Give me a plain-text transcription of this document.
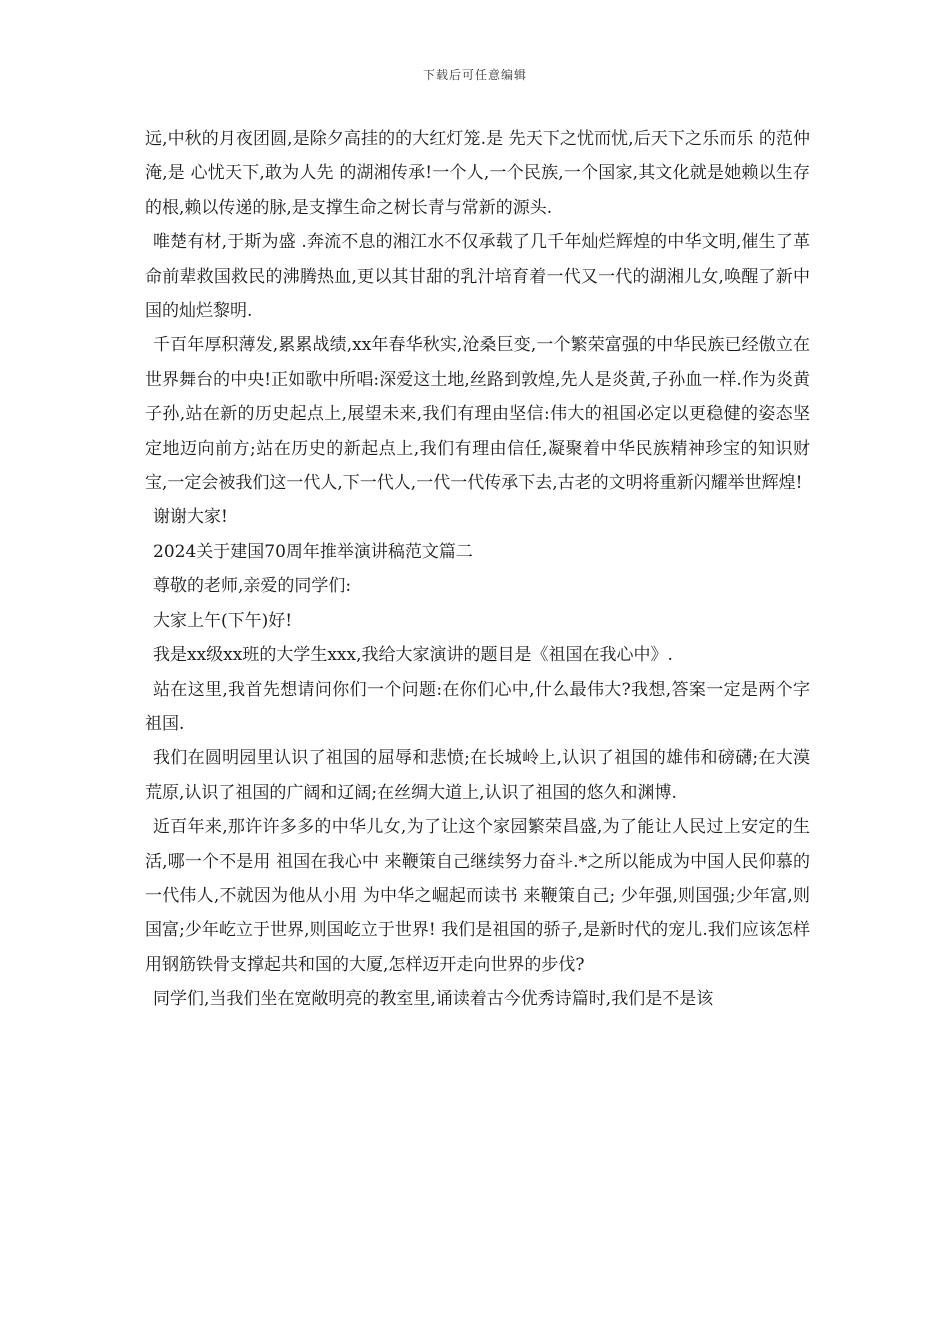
下载后可任意编辑

远,中秋的月夜团圆,是除夕高挂的的大红灯笼.是 先天下之忧而忧,后天下之乐而乐 的范仲淹,是 心忧天下,敢为人先 的湖湘传承!一个人,一个民族,一个国家,其文化就是她赖以生存的根,赖以传递的脉,是支撑生命之树长青与常新的源头.

唯楚有材,于斯为盛 .奔流不息的湘江水不仅承载了几千年灿烂辉煌的中华文明,催生了革命前辈救国救民的沸腾热血,更以其甘甜的乳汁培育着一代又一代的湖湘儿女,唤醒了新中国的灿烂黎明.

千百年厚积薄发,累累战绩,xx年春华秋实,沧桑巨变,一个繁荣富强的中华民族已经傲立在世界舞台的中央!正如歌中所唱:深爱这土地,丝路到敦煌,先人是炎黄,子孙血一样.作为炎黄子孙,站在新的历史起点上,展望未来,我们有理由坚信:伟大的祖国必定以更稳健的姿态坚定地迈向前方;站在历史的新起点上,我们有理由信任,凝聚着中华民族精神珍宝的知识财宝,一定会被我们这一代人,下一代人,一代一代传承下去,古老的文明将重新闪耀举世辉煌!

谢谢大家!

2024关于建国70周年推举演讲稿范文篇二

尊敬的老师,亲爱的同学们:

大家上午(下午)好!

我是xx级xx班的大学生xxx,我给大家演讲的题目是《祖国在我心中》.

站在这里,我首先想请问你们一个问题:在你们心中,什么最伟大?我想,答案一定是两个字 祖国.

我们在圆明园里认识了祖国的屈辱和悲愤;在长城岭上,认识了祖国的雄伟和磅礴;在大漠荒原,认识了祖国的广阔和辽阔;在丝绸大道上,认识了祖国的悠久和渊博.

近百年来,那许许多多的中华儿女,为了让这个家园繁荣昌盛,为了能让人民过上安定的生活,哪一个不是用 祖国在我心中 来鞭策自己继续努力奋斗.*之所以能成为中国人民仰慕的一代伟人,不就因为他从小用 为中华之崛起而读书 来鞭策自己; 少年强,则国强;少年富,则国富;少年屹立于世界,则国屹立于世界! 我们是祖国的骄子,是新时代的宠儿.我们应该怎样用钢筋铁骨支撑起共和国的大厦,怎样迈开走向世界的步伐?

同学们,当我们坐在宽敞明亮的教室里,诵读着古今优秀诗篇时,我们是不是该
